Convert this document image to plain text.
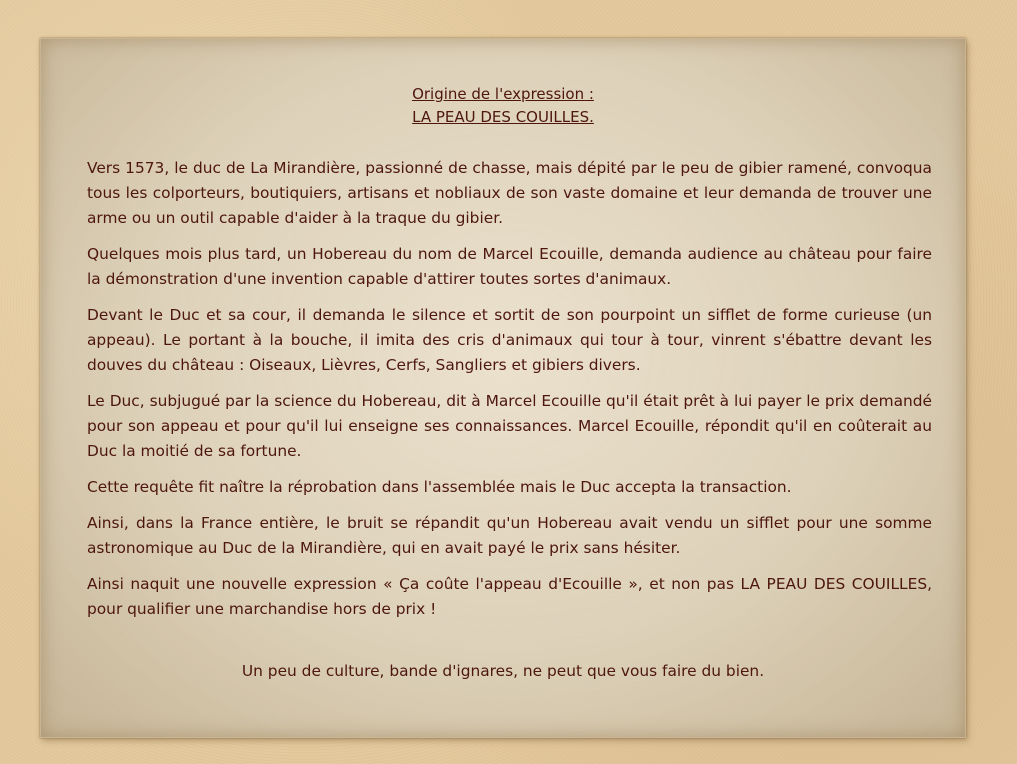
Origine de l'expression :

LA PEAU DES COUILLES.

Vers 1573, le duc de La Mirandière, passionné de chasse, mais dépité par le peu de gibier ramené, convoqua tous les colporteurs, boutiquiers, artisans et nobliaux de son vaste domaine et leur demanda de trouver une arme ou un outil capable d'aider à la traque du gibier.

Quelques mois plus tard, un Hobereau du nom de Marcel Ecouille, demanda audience au château pour faire la démonstration d'une invention capable d'attirer toutes sortes d'animaux.

Devant le Duc et sa cour, il demanda le silence et sortit de son pourpoint un sifflet de forme curieuse (un appeau). Le portant à la bouche, il imita des cris d'animaux qui tour à tour, vinrent s'ébattre devant les douves du château : Oiseaux, Lièvres, Cerfs, Sangliers et gibiers divers.

Le Duc, subjugué par la science du Hobereau, dit à Marcel Ecouille qu'il était prêt à lui payer le prix demandé pour son appeau et pour qu'il lui enseigne ses connaissances. Marcel Ecouille, répondit qu'il en coûterait au Duc la moitié de sa fortune.

Cette requête fit naître la réprobation dans l'assemblée mais le Duc accepta la transaction.

Ainsi, dans la France entière, le bruit se répandit qu'un Hobereau avait vendu un sifflet pour une somme astronomique au Duc de la Mirandière, qui en avait payé le prix sans hésiter.

Ainsi naquit une nouvelle expression « Ça coûte l'appeau d'Ecouille », et non pas LA PEAU DES COUILLES, pour qualifier une marchandise hors de prix !

Un peu de culture, bande d'ignares, ne peut que vous faire du bien.
